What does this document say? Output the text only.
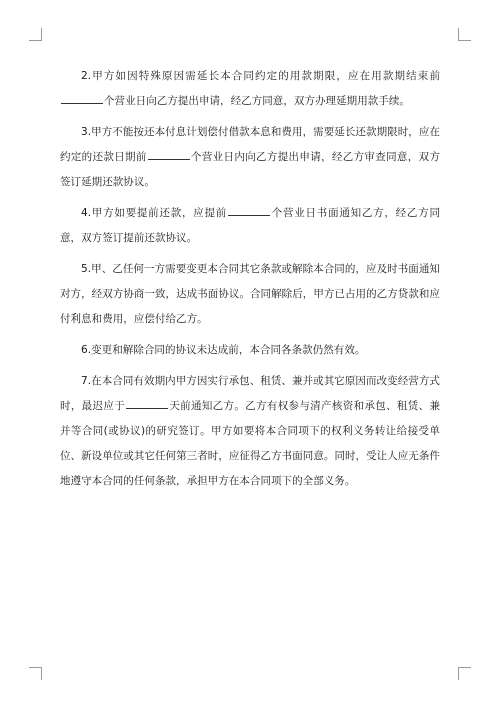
2.甲方如因特殊原因需延长本合同约定的用款期限，应在用款期结束前个营业日向乙方提出申请，经乙方同意，双方办理延期用款手续。

3.甲方不能按还本付息计划偿付借款本息和费用，需要延长还款期限时，应在约定的还款日期前	个营业日内向乙方提出申请，经乙方审查同意，双方签订延期还款协议。

4.甲方如要提前还款，应提前	个营业日书面通知乙方，经乙方同意，双方签订提前还款协议。

5.甲、乙任何一方需要变更本合同其它条款或解除本合同的，应及时书面通知对方，经双方协商一致，达成书面协议。合同解除后，甲方已占用的乙方贷款和应付利息和费用，应偿付给乙方。

6.变更和解除合同的协议未达成前，本合同各条款仍然有效。

7.在本合同有效期内甲方因实行承包、租赁、兼并或其它原因而改变经营方式时，最迟应于	天前通知乙方。乙方有权参与清产核资和承包、租赁、兼并等合同(或协议)的研究签订。甲方如要将本合同项下的权利义务转让给接受单位、新设单位或其它任何第三者时，应征得乙方书面同意。同时，受让人应无条件地遵守本合同的任何条款，承担甲方在本合同项下的全部义务。
